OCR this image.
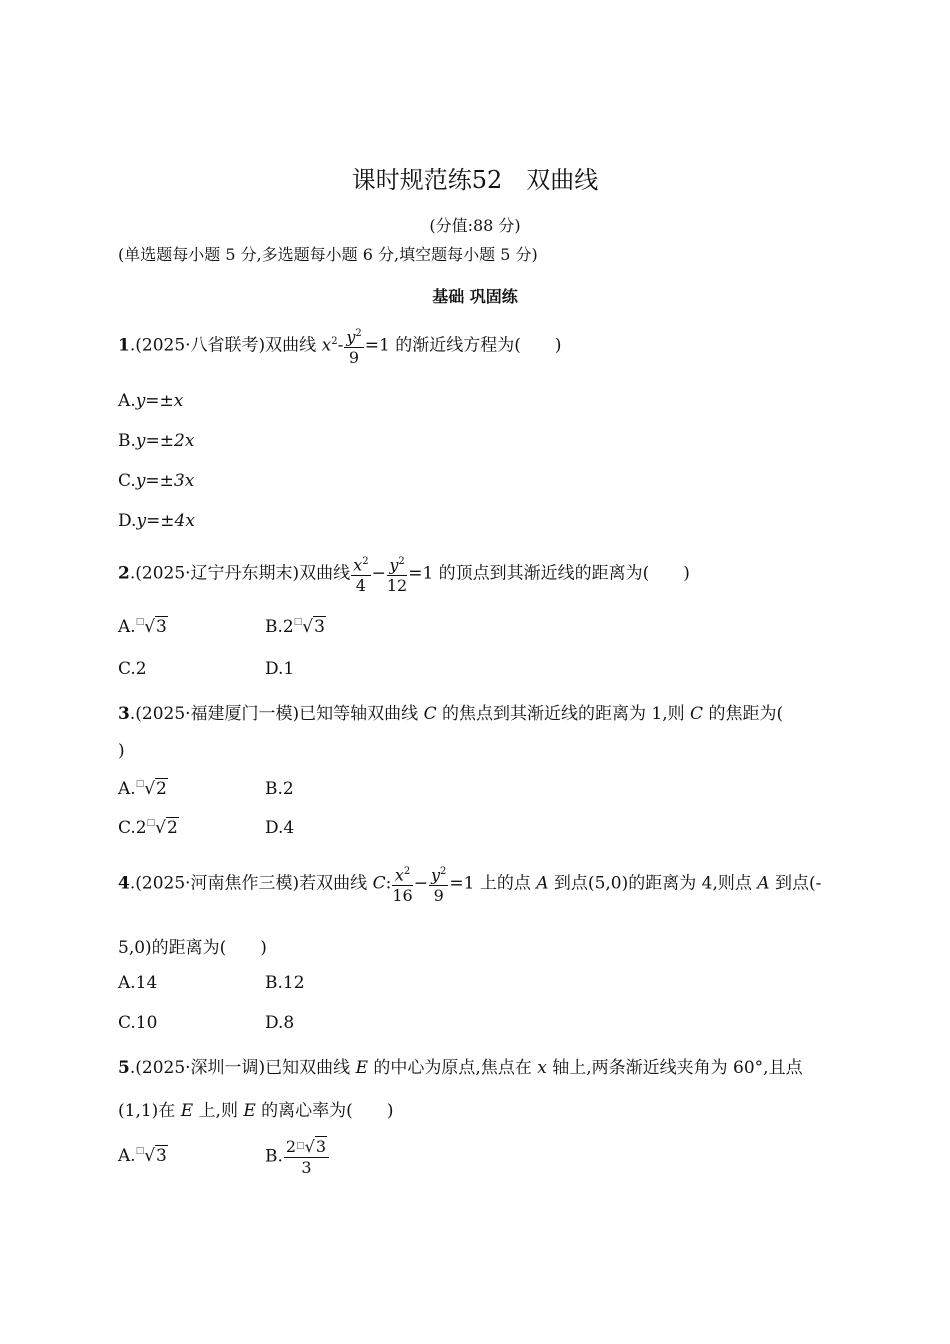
课时规范练52　双曲线
(分值:88 分)
(单选题每小题 5 分,多选题每小题 6 分,填空题每小题 5 分)
基础 巩固练
1.(2025·八省联考)双曲线 $x^2- \frac{y^2}{9} =1$ 的渐近线方程为(　　)
A.y=±x
B.y=±2x
C.y=±3x
D.y=±4x
2.(2025·辽宁丹东期末)双曲线 $\frac{x^2}{4} - \frac{y^2}{12} =1$ 的顶点到其渐近线的距离为(　　)
A.□√3	B.2□√3
C.2	D.1
3.(2025·福建厦门一模)已知等轴双曲线 C 的焦点到其渐近线的距离为 1,则 C 的焦距为(
)
A.□√2	B.2
C.2□√2	D.4
4.(2025·河南焦作三模)若双曲线 C: $\frac{x^2}{16} - \frac{y^2}{9} =1$ 上的点 A 到点(5,0)的距离为 4,则点 A 到点(-
5,0)的距离为(　　)
A.14	B.12
C.10	D.8
5.(2025·深圳一调)已知双曲线 E 的中心为原点,焦点在 x 轴上,两条渐近线夹角为 60°,且点
(1,1)在 E 上,则 E 的离心率为(　　)
A.□√3	B. $\frac{2^□√3}{3}$
